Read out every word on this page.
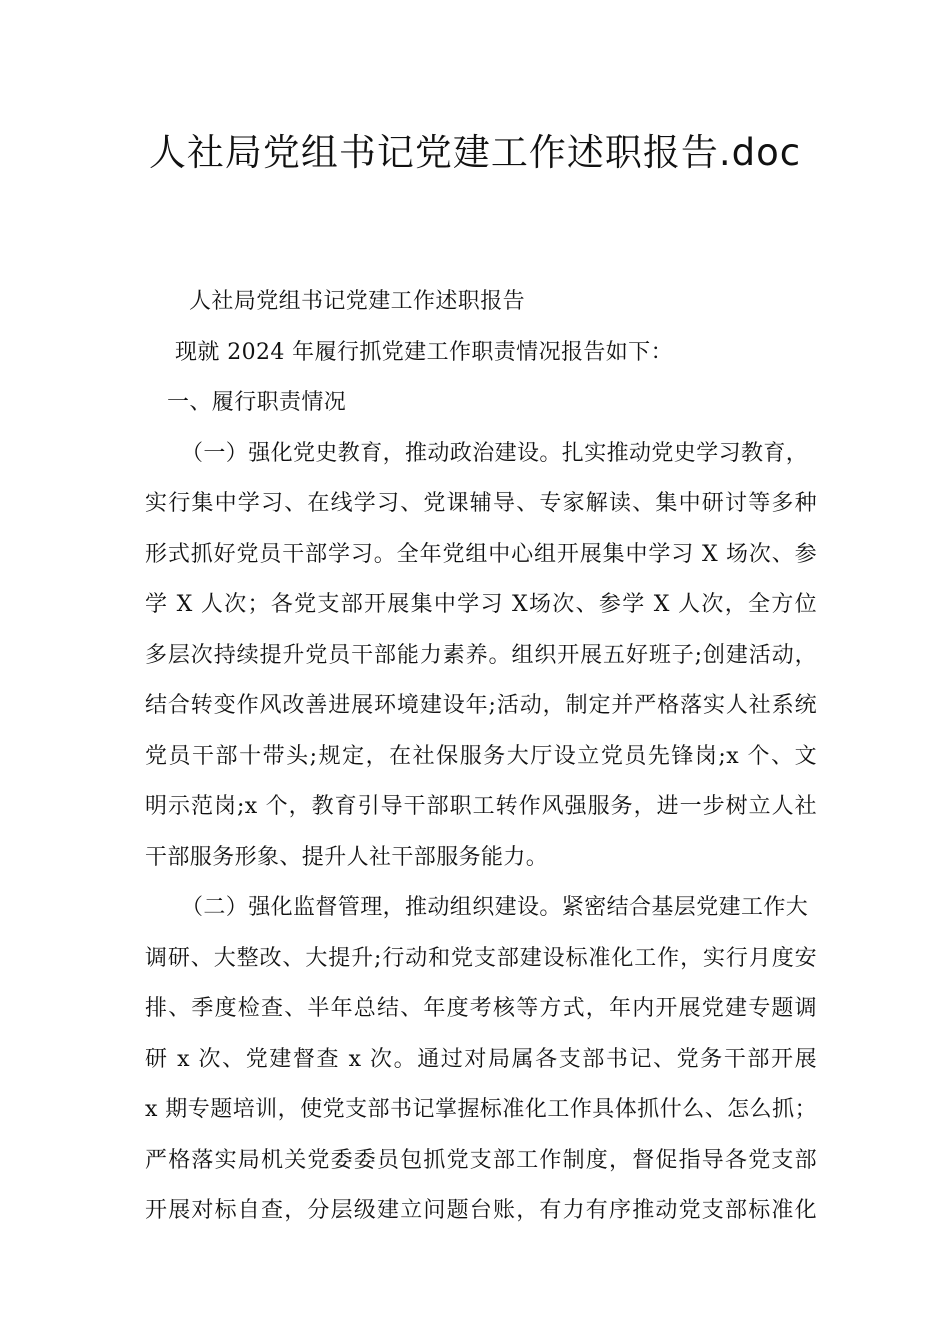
人社局党组书记党建工作述职报告.doc
人社局党组书记党建工作述职报告
现就 2024 年履行抓党建工作职责情况报告如下：
一、履行职责情况
（一）强化党史教育，推动政治建设。扎实推动党史学习教育，
实行集中学习、在线学习、党课辅导、专家解读、集中研讨等多种
形式抓好党员干部学习。全年党组中心组开展集中学习 X 场次、参
学 X 人次；各党支部开展集中学习 X场次、参学 X 人次，全方位
多层次持续提升党员干部能力素养。组织开展五好班子;创建活动，
结合转变作风改善进展环境建设年;活动，制定并严格落实人社系统
党员干部十带头;规定，在社保服务大厅设立党员先锋岗;x 个、文
明示范岗;x 个，教育引导干部职工转作风强服务，进一步树立人社
干部服务形象、提升人社干部服务能力。
（二）强化监督管理，推动组织建设。紧密结合基层党建工作大
调研、大整改、大提升;行动和党支部建设标准化工作，实行月度安
排、季度检查、半年总结、年度考核等方式，年内开展党建专题调
研 x 次、党建督查 x 次。通过对局属各支部书记、党务干部开展
x 期专题培训，使党支部书记掌握标准化工作具体抓什么、怎么抓；
严格落实局机关党委委员包抓党支部工作制度，督促指导各党支部
开展对标自查，分层级建立问题台账，有力有序推动党支部标准化
